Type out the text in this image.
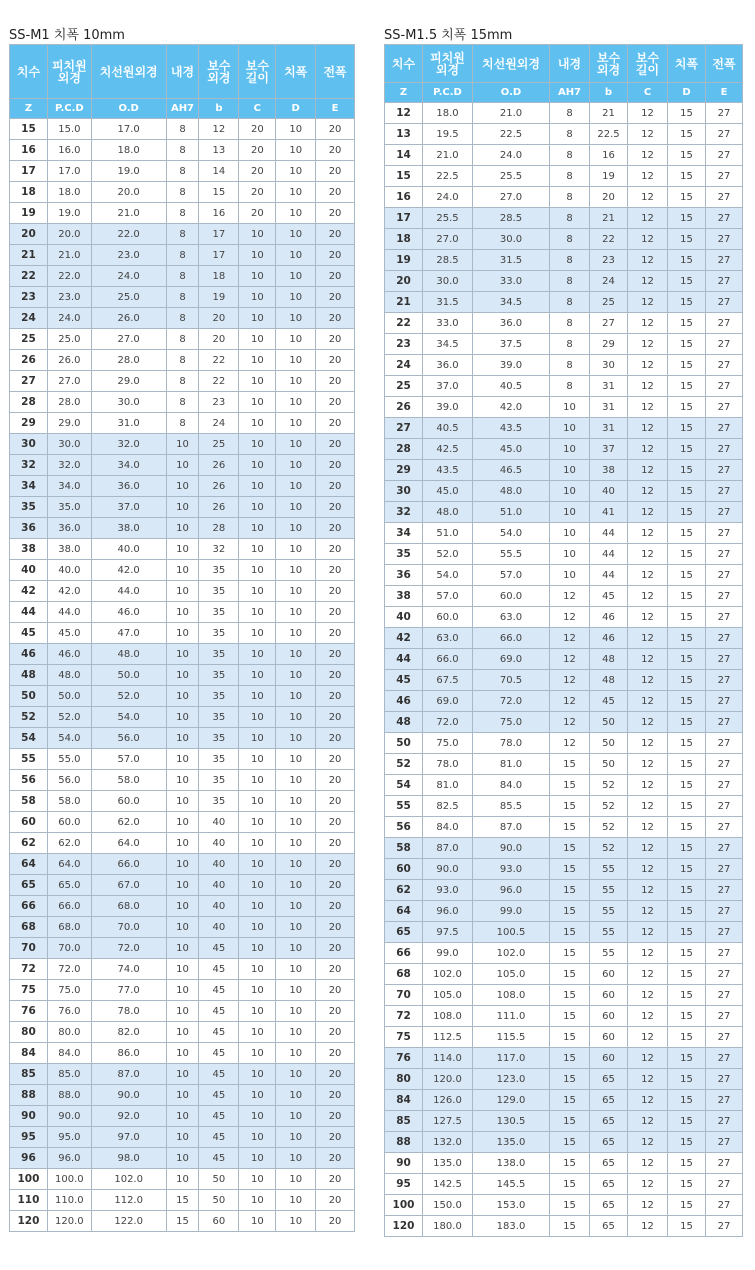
SS-M1 치폭 10mm
치수	피치원외경	치선원외경	내경	보수외경	보수길이	치폭	전폭
Z	P.C.D	O.D	AH7	b	C	D	E
15	15.0	17.0	8	12	20	10	20
16	16.0	18.0	8	13	20	10	20
17	17.0	19.0	8	14	20	10	20
18	18.0	20.0	8	15	20	10	20
19	19.0	21.0	8	16	20	10	20
20	20.0	22.0	8	17	10	10	20
21	21.0	23.0	8	17	10	10	20
22	22.0	24.0	8	18	10	10	20
23	23.0	25.0	8	19	10	10	20
24	24.0	26.0	8	20	10	10	20
25	25.0	27.0	8	20	10	10	20
26	26.0	28.0	8	22	10	10	20
27	27.0	29.0	8	22	10	10	20
28	28.0	30.0	8	23	10	10	20
29	29.0	31.0	8	24	10	10	20
30	30.0	32.0	10	25	10	10	20
32	32.0	34.0	10	26	10	10	20
34	34.0	36.0	10	26	10	10	20
35	35.0	37.0	10	26	10	10	20
36	36.0	38.0	10	28	10	10	20
38	38.0	40.0	10	32	10	10	20
40	40.0	42.0	10	35	10	10	20
42	42.0	44.0	10	35	10	10	20
44	44.0	46.0	10	35	10	10	20
45	45.0	47.0	10	35	10	10	20
46	46.0	48.0	10	35	10	10	20
48	48.0	50.0	10	35	10	10	20
50	50.0	52.0	10	35	10	10	20
52	52.0	54.0	10	35	10	10	20
54	54.0	56.0	10	35	10	10	20
55	55.0	57.0	10	35	10	10	20
56	56.0	58.0	10	35	10	10	20
58	58.0	60.0	10	35	10	10	20
60	60.0	62.0	10	40	10	10	20
62	62.0	64.0	10	40	10	10	20
64	64.0	66.0	10	40	10	10	20
65	65.0	67.0	10	40	10	10	20
66	66.0	68.0	10	40	10	10	20
68	68.0	70.0	10	40	10	10	20
70	70.0	72.0	10	45	10	10	20
72	72.0	74.0	10	45	10	10	20
75	75.0	77.0	10	45	10	10	20
76	76.0	78.0	10	45	10	10	20
80	80.0	82.0	10	45	10	10	20
84	84.0	86.0	10	45	10	10	20
85	85.0	87.0	10	45	10	10	20
88	88.0	90.0	10	45	10	10	20
90	90.0	92.0	10	45	10	10	20
95	95.0	97.0	10	45	10	10	20
96	96.0	98.0	10	45	10	10	20
100	100.0	102.0	10	50	10	10	20
110	110.0	112.0	15	50	10	10	20
120	120.0	122.0	15	60	10	10	20
SS-M1.5 치폭 15mm
치수	피치원외경	치선원외경	내경	보수외경	보수길이	치폭	전폭
Z	P.C.D	O.D	AH7	b	C	D	E
12	18.0	21.0	8	21	12	15	27
13	19.5	22.5	8	22.5	12	15	27
14	21.0	24.0	8	16	12	15	27
15	22.5	25.5	8	19	12	15	27
16	24.0	27.0	8	20	12	15	27
17	25.5	28.5	8	21	12	15	27
18	27.0	30.0	8	22	12	15	27
19	28.5	31.5	8	23	12	15	27
20	30.0	33.0	8	24	12	15	27
21	31.5	34.5	8	25	12	15	27
22	33.0	36.0	8	27	12	15	27
23	34.5	37.5	8	29	12	15	27
24	36.0	39.0	8	30	12	15	27
25	37.0	40.5	8	31	12	15	27
26	39.0	42.0	10	31	12	15	27
27	40.5	43.5	10	31	12	15	27
28	42.5	45.0	10	37	12	15	27
29	43.5	46.5	10	38	12	15	27
30	45.0	48.0	10	40	12	15	27
32	48.0	51.0	10	41	12	15	27
34	51.0	54.0	10	44	12	15	27
35	52.0	55.5	10	44	12	15	27
36	54.0	57.0	10	44	12	15	27
38	57.0	60.0	12	45	12	15	27
40	60.0	63.0	12	46	12	15	27
42	63.0	66.0	12	46	12	15	27
44	66.0	69.0	12	48	12	15	27
45	67.5	70.5	12	48	12	15	27
46	69.0	72.0	12	45	12	15	27
48	72.0	75.0	12	50	12	15	27
50	75.0	78.0	12	50	12	15	27
52	78.0	81.0	15	50	12	15	27
54	81.0	84.0	15	52	12	15	27
55	82.5	85.5	15	52	12	15	27
56	84.0	87.0	15	52	12	15	27
58	87.0	90.0	15	52	12	15	27
60	90.0	93.0	15	55	12	15	27
62	93.0	96.0	15	55	12	15	27
64	96.0	99.0	15	55	12	15	27
65	97.5	100.5	15	55	12	15	27
66	99.0	102.0	15	55	12	15	27
68	102.0	105.0	15	60	12	15	27
70	105.0	108.0	15	60	12	15	27
72	108.0	111.0	15	60	12	15	27
75	112.5	115.5	15	60	12	15	27
76	114.0	117.0	15	60	12	15	27
80	120.0	123.0	15	65	12	15	27
84	126.0	129.0	15	65	12	15	27
85	127.5	130.5	15	65	12	15	27
88	132.0	135.0	15	65	12	15	27
90	135.0	138.0	15	65	12	15	27
95	142.5	145.5	15	65	12	15	27
100	150.0	153.0	15	65	12	15	27
120	180.0	183.0	15	65	12	15	27
